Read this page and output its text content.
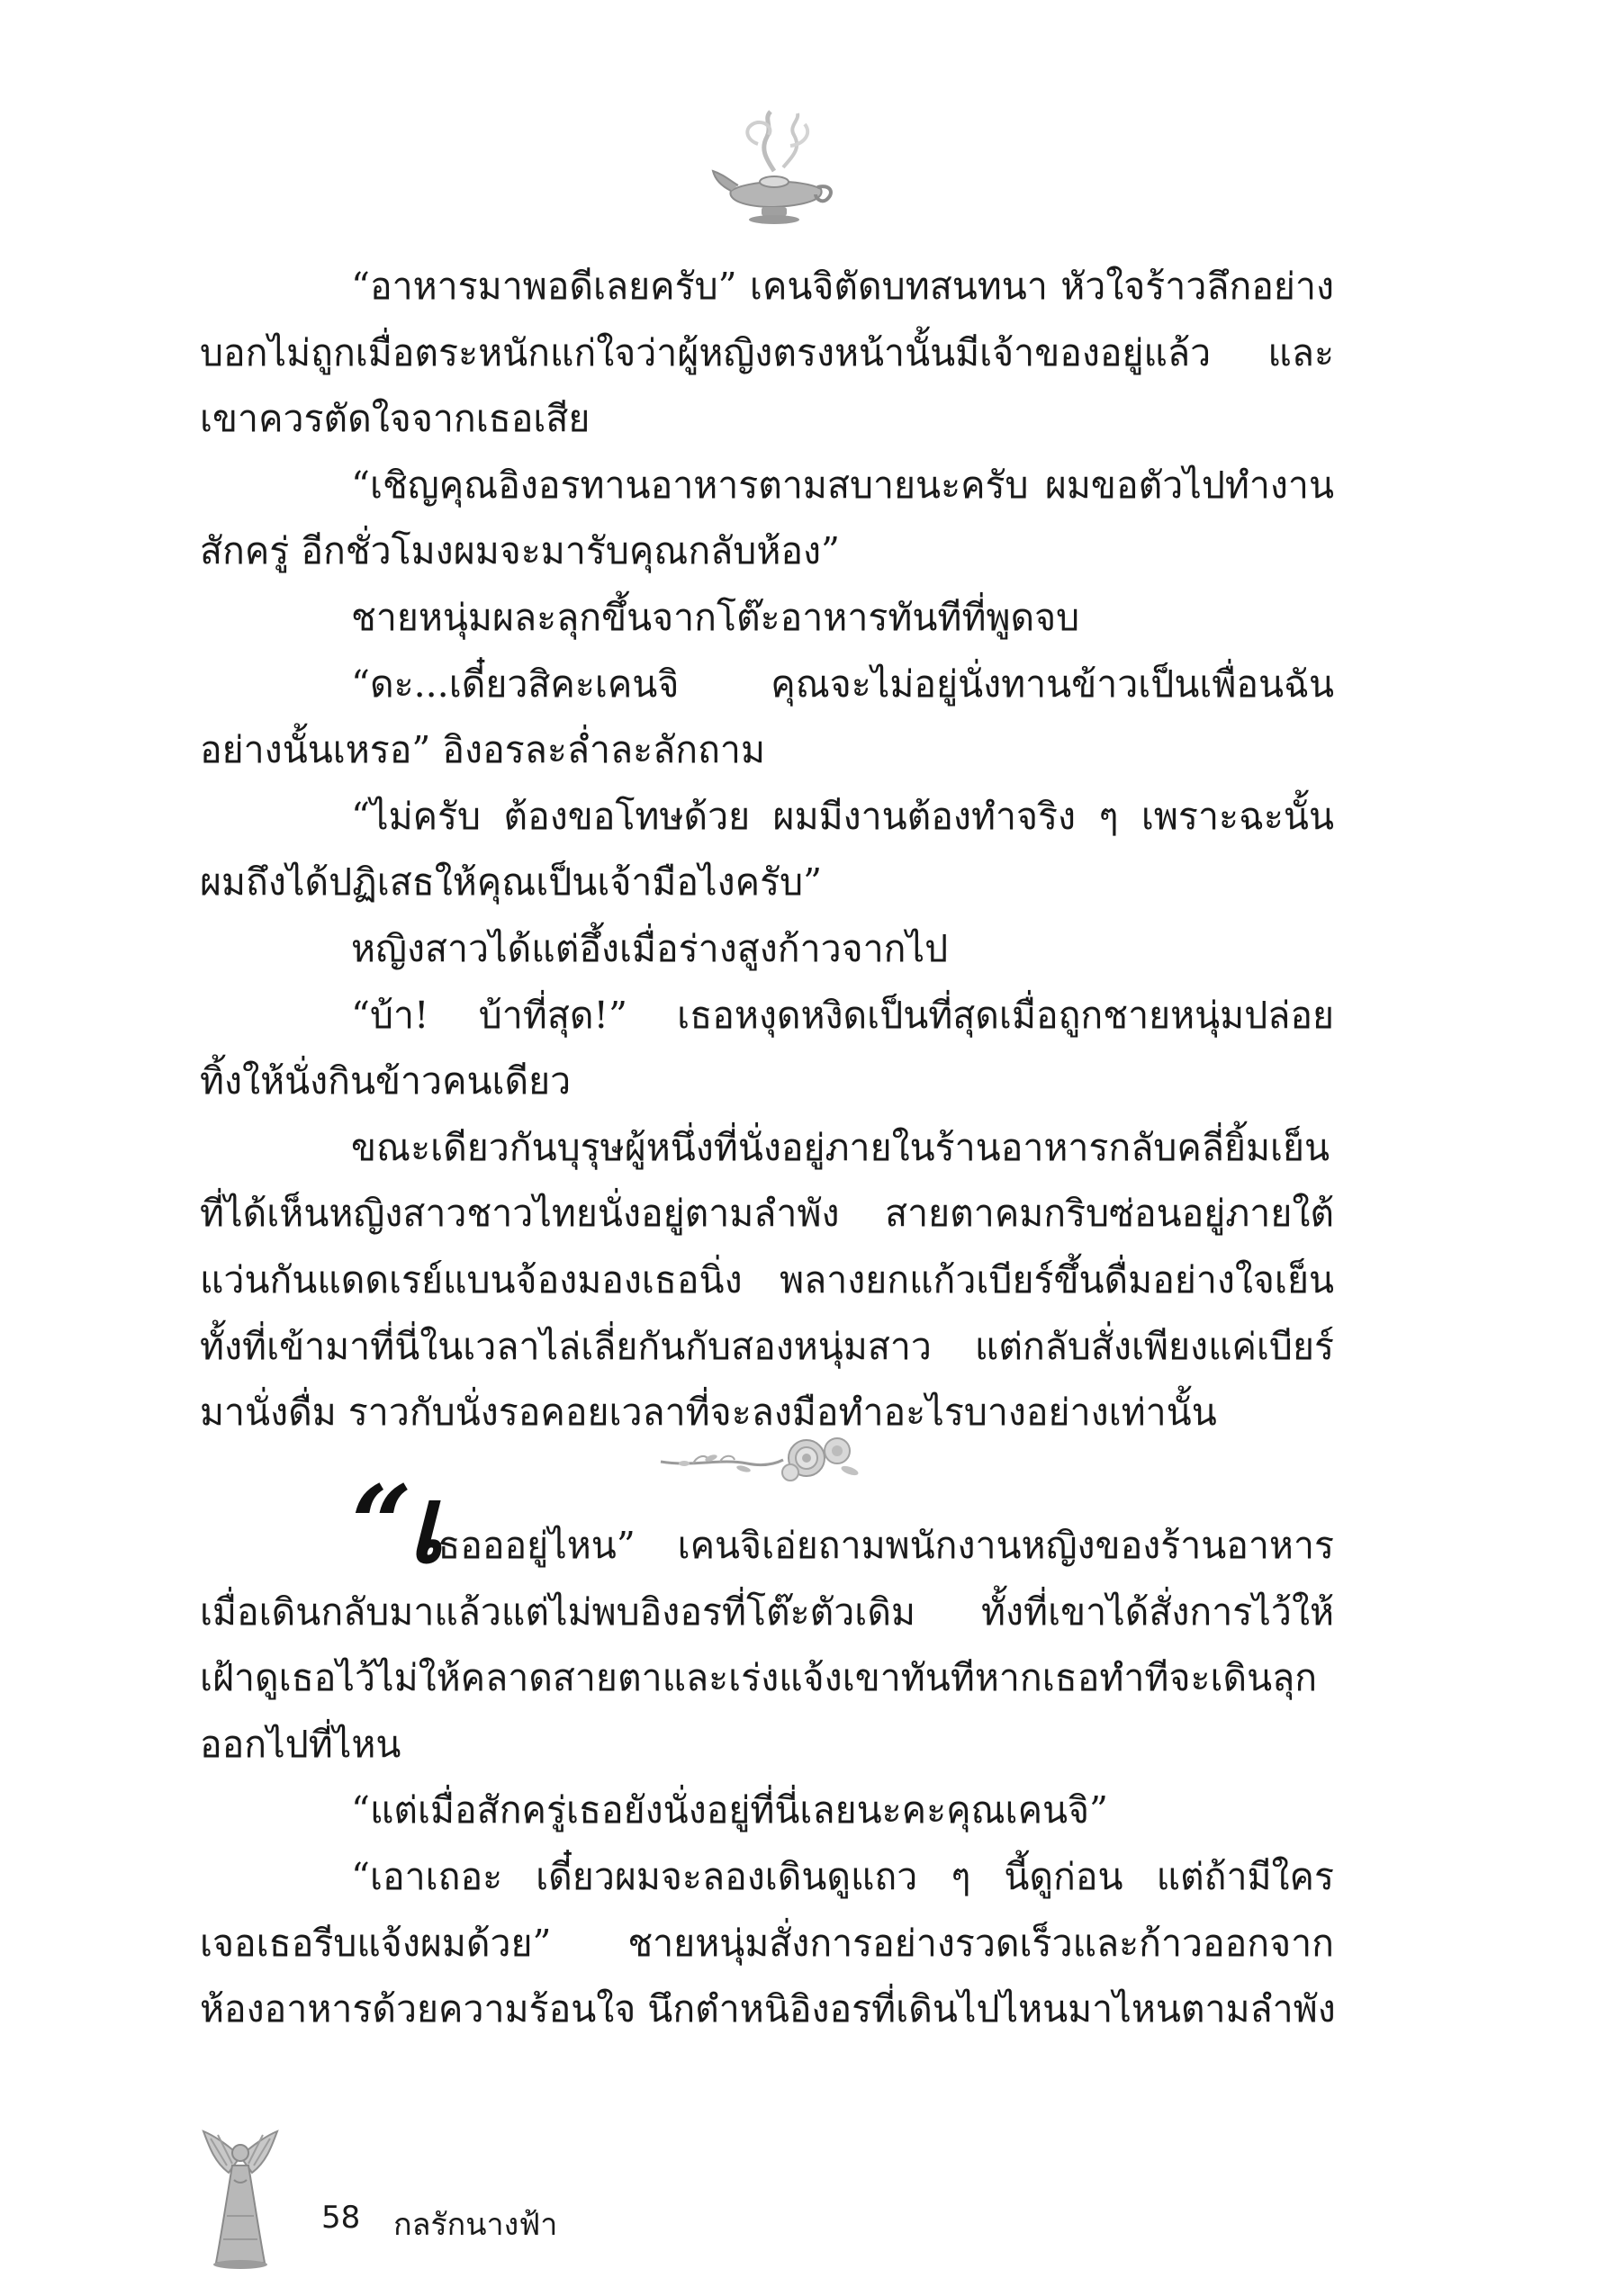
“อาหารมาพอดีเลยครับ” เคนจิตัดบทสนทนา หัวใจร้าวลึกอย่าง
บอกไม่ถูกเมื่อตระหนักแก่ใจว่าผู้หญิงตรงหน้านั้นมีเจ้าของอยู่แล้ว และ
เขาควรตัดใจจากเธอเสีย
“เชิญคุณอิงอรทานอาหารตามสบายนะครับ ผมขอตัวไปทำงาน
สักครู่ อีกชั่วโมงผมจะมารับคุณกลับห้อง”
ชายหนุ่มผละลุกขึ้นจากโต๊ะอาหารทันทีที่พูดจบ
“ดะ...เดี๋ยวสิคะเคนจิ คุณจะไม่อยู่นั่งทานข้าวเป็นเพื่อนฉัน
อย่างนั้นเหรอ” อิงอรละล่ำละลักถาม
“ไม่ครับ ต้องขอโทษด้วย ผมมีงานต้องทำจริง ๆ เพราะฉะนั้น
ผมถึงได้ปฏิเสธให้คุณเป็นเจ้ามือไงครับ”
หญิงสาวได้แต่อึ้งเมื่อร่างสูงก้าวจากไป
“บ้า! บ้าที่สุด!” เธอหงุดหงิดเป็นที่สุดเมื่อถูกชายหนุ่มปล่อย
ทิ้งให้นั่งกินข้าวคนเดียว
ขณะเดียวกันบุรุษผู้หนึ่งที่นั่งอยู่ภายในร้านอาหารกลับคลี่ยิ้มเย็น
ที่ได้เห็นหญิงสาวชาวไทยนั่งอยู่ตามลำพัง สายตาคมกริบซ่อนอยู่ภายใต้
แว่นกันแดดเรย์แบนจ้องมองเธอนิ่ง พลางยกแก้วเบียร์ขึ้นดื่มอย่างใจเย็น
ทั้งที่เข้ามาที่นี่ในเวลาไล่เลี่ยกันกับสองหนุ่มสาว แต่กลับสั่งเพียงแค่เบียร์
มานั่งดื่ม ราวกับนั่งรอคอยเวลาที่จะลงมือทำอะไรบางอย่างเท่านั้น
“เธอออยู่ไหน” เคนจิเอ่ยถามพนักงานหญิงของร้านอาหาร
เมื่อเดินกลับมาแล้วแต่ไม่พบอิงอรที่โต๊ะตัวเดิม ทั้งที่เขาได้สั่งการไว้ให้
เฝ้าดูเธอไว้ไม่ให้คลาดสายตาและเร่งแจ้งเขาทันทีหากเธอทำทีจะเดินลุก
ออกไปที่ไหน
“แต่เมื่อสักครู่เธอยังนั่งอยู่ที่นี่เลยนะคะคุณเคนจิ”
“เอาเถอะ เดี๋ยวผมจะลองเดินดูแถว ๆ นี้ดูก่อน แต่ถ้ามีใคร
เจอเธอรีบแจ้งผมด้วย” ชายหนุ่มสั่งการอย่างรวดเร็วและก้าวออกจาก
ห้องอาหารด้วยความร้อนใจ นึกตำหนิอิงอรที่เดินไปไหนมาไหนตามลำพัง
58 กลรักนางฟ้า
